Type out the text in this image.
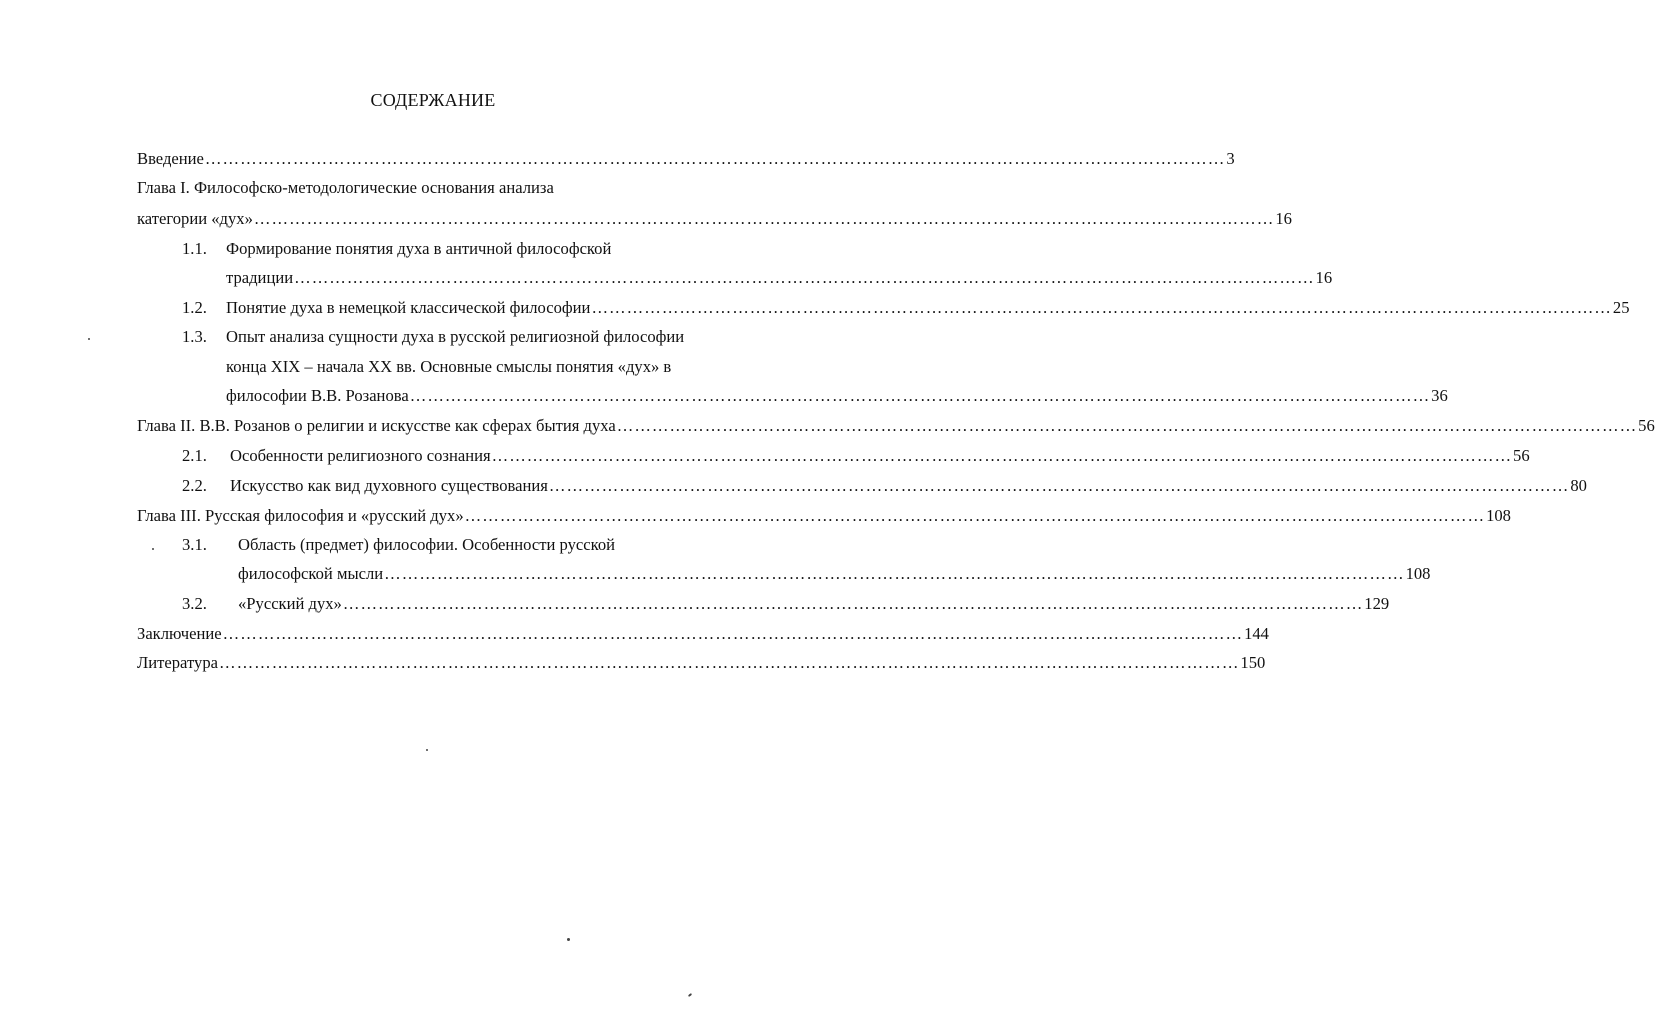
СОДЕРЖАНИЕ
Введение ………………………………………………………………………………………………………………………………………………………… 3
Глава I. Философско-методологические основания анализа
категории «дух» ………………………………………………………………………………………………………………………………………………………… 16
1.1. Формирование понятия духа в античной философской
традиции ………………………………………………………………………………………………………………………………………………………… 16
1.2. Понятие духа в немецкой классической философии ………………………………………………………………………………………………………………………………………………………… 25
1.3. Опыт анализа сущности духа в русской религиозной философии
конца XIX – начала XX вв. Основные смыслы понятия «дух» в
философии В.В. Розанова ………………………………………………………………………………………………………………………………………………………… 36
Глава II. В.В. Розанов о религии и искусстве как сферах бытия духа ………………………………………………………………………………………………………………………………………………………… 56
2.1. Особенности религиозного сознания ………………………………………………………………………………………………………………………………………………………… 56
2.2. Искусство как вид духовного существования ………………………………………………………………………………………………………………………………………………………… 80
Глава III. Русская философия и «русский дух» ………………………………………………………………………………………………………………………………………………………… 108
3.1. Область (предмет) философии. Особенности русской
философской мысли ………………………………………………………………………………………………………………………………………………………… 108
3.2. «Русский дух» ………………………………………………………………………………………………………………………………………………………… 129
Заключение ………………………………………………………………………………………………………………………………………………………… 144
Литература ………………………………………………………………………………………………………………………………………………………… 150
